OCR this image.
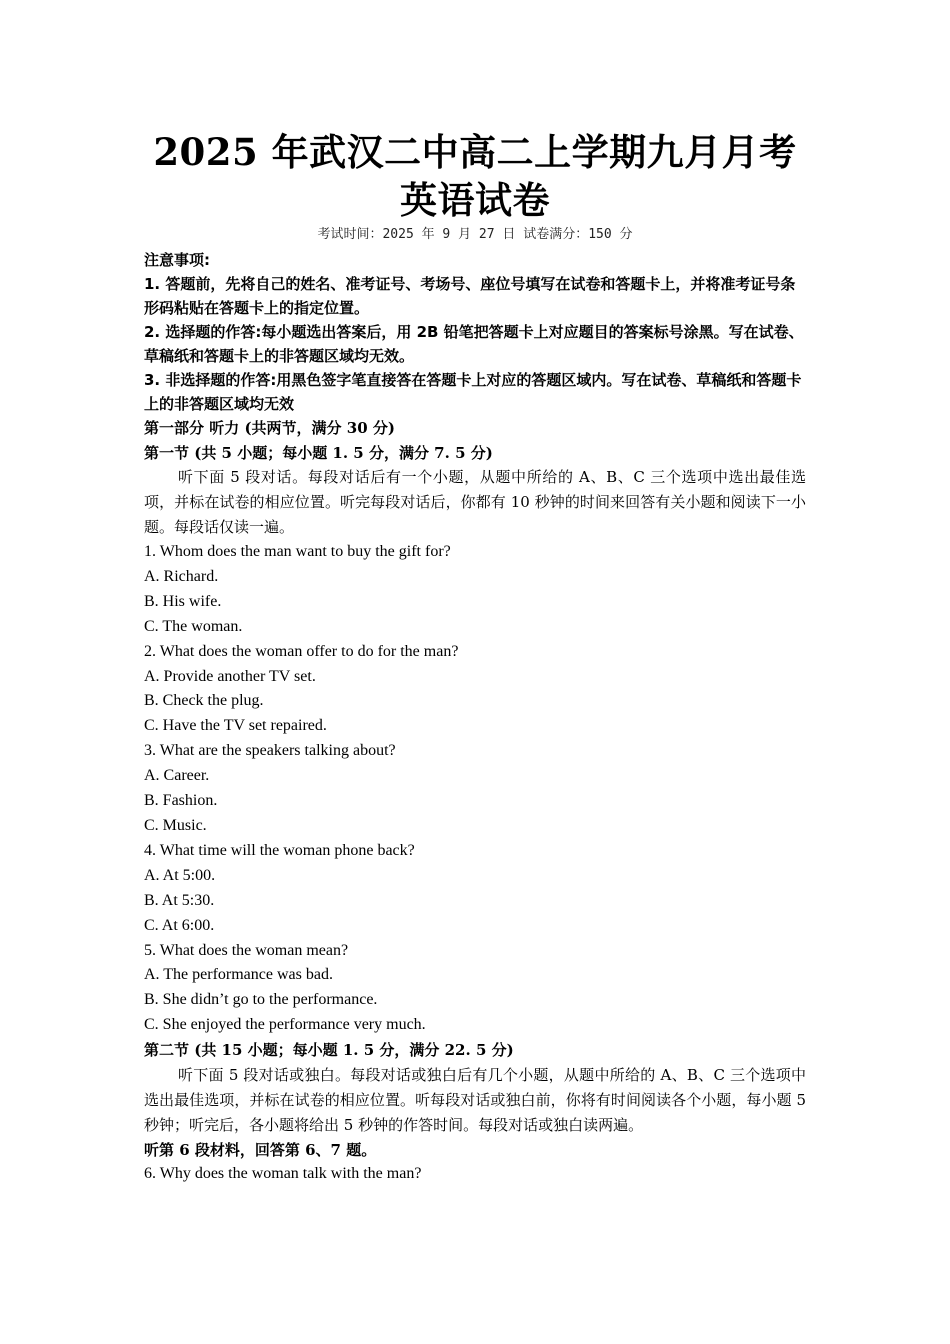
2025 年武汉二中高二上学期九月月考
英语试卷
考试时间：2025 年 9 月 27 日 试卷满分：150 分

注意事项:

1. 答题前，先将自己的姓名、准考证号、考场号、座位号填写在试卷和答题卡上，并将准考证号条形码粘贴在答题卡上的指定位置。

2. 选择题的作答:每小题选出答案后，用 2B 铅笔把答题卡上对应题目的答案标号涂黑。写在试卷、草稿纸和答题卡上的非答题区域均无效。

3. 非选择题的作答:用黑色签字笔直接答在答题卡上对应的答题区域内。写在试卷、草稿纸和答题卡上的非答题区域均无效

第一部分 听力 (共两节，满分 30 分)

第一节 (共 5 小题；每小题 1. 5 分，满分 7. 5 分)

听下面 5 段对话。每段对话后有一个小题，从题中所给的 A、B、C 三个选项中选出最佳选项，并标在试卷的相应位置。听完每段对话后，你都有 10 秒钟的时间来回答有关小题和阅读下一小题。每段话仅读一遍。

1. Whom does the man want to buy the gift for?

A. Richard.

B. His wife.

C. The woman.

2. What does the woman offer to do for the man?

A. Provide another TV set.

B. Check the plug.

C. Have the TV set repaired.

3. What are the speakers talking about?

A. Career.

B. Fashion.

C. Music.

4. What time will the woman phone back?

A. At 5:00.

B. At 5:30.

C. At 6:00.

5. What does the woman mean?

A. The performance was bad.

B. She didn’t go to the performance.

C. She enjoyed the performance very much.

第二节 (共 15 小题；每小题 1. 5 分，满分 22. 5 分)

听下面 5 段对话或独白。每段对话或独白后有几个小题，从题中所给的 A、B、C 三个选项中选出最佳选项，并标在试卷的相应位置。听每段对话或独白前，你将有时间阅读各个小题，每小题 5 秒钟；听完后，各小题将给出 5 秒钟的作答时间。每段对话或独白读两遍。

听第 6 段材料，回答第 6、7 题。

6. Why does the woman talk with the man?
